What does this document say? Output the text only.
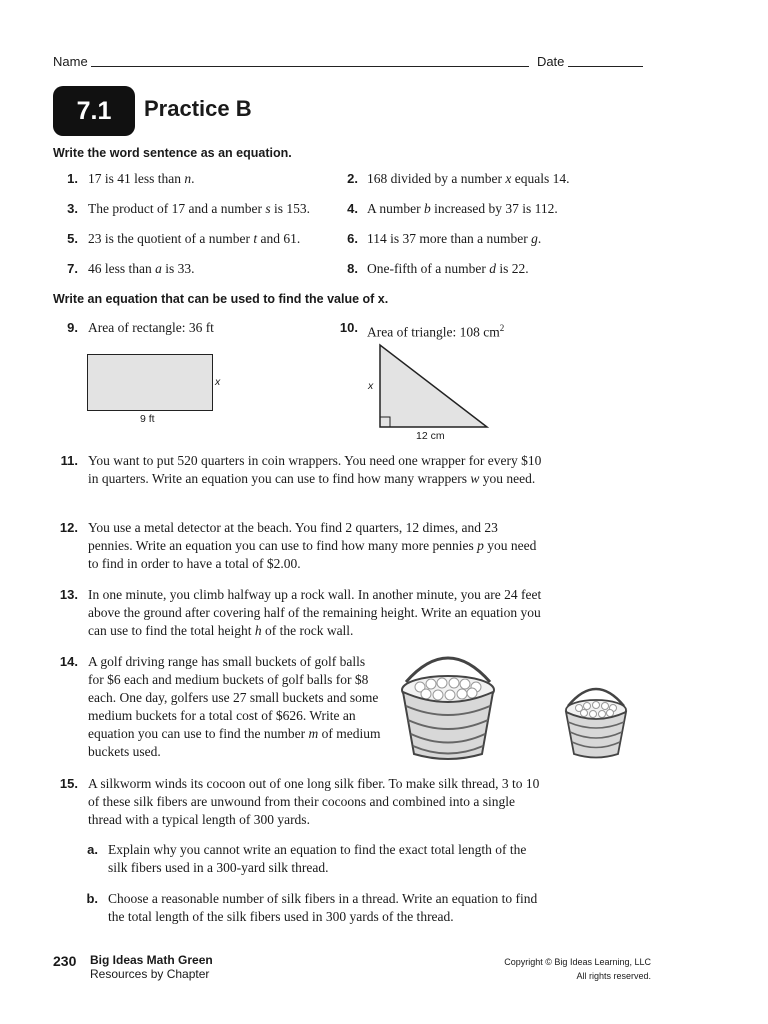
Name	Date
7.1	Practice B
Write the word sentence as an equation.
1. 17 is 41 less than n.	2. 168 divided by a number x equals 14.
3. The product of 17 and a number s is 153.	4. A number b increased by 37 is 112.
5. 23 is the quotient of a number t and 61.	6. 114 is 37 more than a number g.
7. 46 less than a is 33.	8. One-fifth of a number d is 22.
Write an equation that can be used to find the value of x.
9. Area of rectangle: 36 ft	10. Area of triangle: 108 $cm^2$
x
9 ft
x
12 cm
11. You want to put 520 quarters in coin wrappers. You need one wrapper for every $10 in quarters. Write an equation you can use to find how many wrappers w you need.
12. You use a metal detector at the beach. You find 2 quarters, 12 dimes, and 23 pennies. Write an equation you can use to find how many more pennies p you need to find in order to have a total of $2.00.
13. In one minute, you climb halfway up a rock wall. In another minute, you are 24 feet above the ground after covering half of the remaining height. Write an equation you can use to find the total height h of the rock wall.
14. A golf driving range has small buckets of golf balls for $6 each and medium buckets of golf balls for $8 each. One day, golfers use 27 small buckets and some medium buckets for a total cost of $626. Write an equation you can use to find the number m of medium buckets used.
15. A silkworm winds its cocoon out of one long silk fiber. To make silk thread, 3 to 10 of these silk fibers are unwound from their cocoons and combined into a single thread with a typical length of 300 yards.
a. Explain why you cannot write an equation to find the exact total length of the silk fibers used in a 300-yard silk thread.
b. Choose a reasonable number of silk fibers in a thread. Write an equation to find the total length of the silk fibers used in 300 yards of the thread.
230 Big Ideas Math Green
Resources by Chapter
Copyright © Big Ideas Learning, LLC
All rights reserved.
